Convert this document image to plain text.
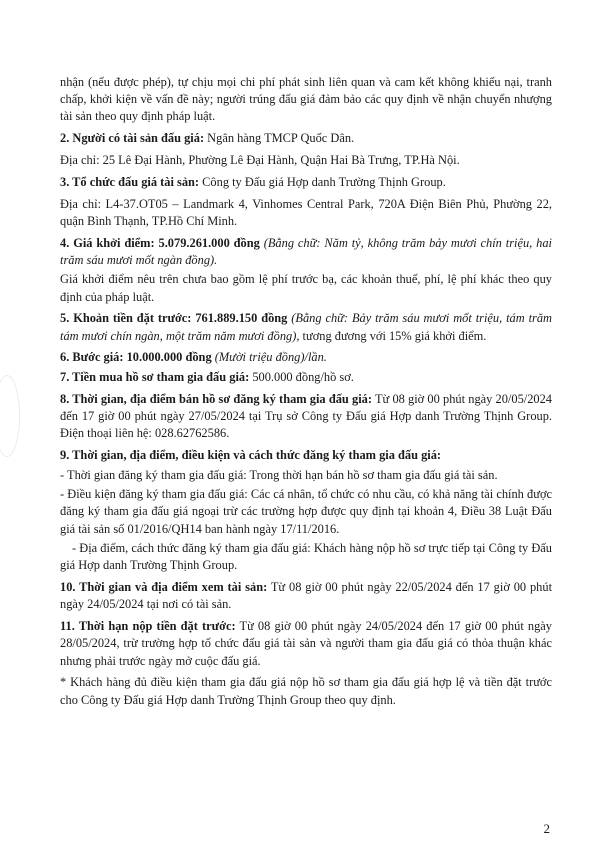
nhận (nếu được phép), tự chịu mọi chi phí phát sinh liên quan và cam kết không khiếu nại, tranh chấp, khởi kiện về vấn đề này; người trúng đấu giá đảm bảo các quy định về nhận chuyển nhượng tài sản theo quy định pháp luật.

2. Người có tài sản đấu giá: Ngân hàng TMCP Quốc Dân.

Địa chỉ: 25 Lê Đại Hành, Phường Lê Đại Hành, Quận Hai Bà Trưng, TP.Hà Nội.

3. Tổ chức đấu giá tài sản: Công ty Đấu giá Hợp danh Trường Thịnh Group.

Địa chỉ: L4-37.OT05 – Landmark 4, Vinhomes Central Park, 720A Điện Biên Phủ, Phường 22, quận Bình Thạnh, TP.Hồ Chí Minh.

4. Giá khởi điểm: 5.079.261.000 đồng (Bằng chữ: Năm tỷ, không trăm bảy mươi chín triệu, hai trăm sáu mươi mốt ngàn đồng).

Giá khởi điểm nêu trên chưa bao gồm lệ phí trước bạ, các khoản thuế, phí, lệ phí khác theo quy định của pháp luật.

5. Khoản tiền đặt trước: 761.889.150 đồng (Bằng chữ: Bảy trăm sáu mươi mốt triệu, tám trăm tám mươi chín ngàn, một trăm năm mươi đồng), tương đương với 15% giá khởi điểm.

6. Bước giá: 10.000.000 đồng (Mười triệu đồng)/lần.

7. Tiền mua hồ sơ tham gia đấu giá: 500.000 đồng/hồ sơ.

8. Thời gian, địa điểm bán hồ sơ đăng ký tham gia đấu giá: Từ 08 giờ 00 phút ngày 20/05/2024 đến 17 giờ 00 phút ngày 27/05/2024 tại Trụ sở Công ty Đấu giá Hợp danh Trường Thịnh Group. Điện thoại liên hệ: 028.62762586.

9. Thời gian, địa điểm, điều kiện và cách thức đăng ký tham gia đấu giá:

- Thời gian đăng ký tham gia đấu giá: Trong thời hạn bán hồ sơ tham gia đấu giá tài sản.

- Điều kiện đăng ký tham gia đấu giá: Các cá nhân, tổ chức có nhu cầu, có khả năng tài chính được đăng ký tham gia đấu giá ngoại trừ các trường hợp được quy định tại khoản 4, Điều 38 Luật Đấu giá tài sản số 01/2016/QH14 ban hành ngày 17/11/2016.

- Địa điểm, cách thức đăng ký tham gia đấu giá: Khách hàng nộp hồ sơ trực tiếp tại Công ty Đấu giá Hợp danh Trường Thịnh Group.

10. Thời gian và địa điểm xem tài sản: Từ 08 giờ 00 phút ngày 22/05/2024 đến 17 giờ 00 phút ngày 24/05/2024 tại nơi có tài sản.

11. Thời hạn nộp tiền đặt trước: Từ 08 giờ 00 phút ngày 24/05/2024 đến 17 giờ 00 phút ngày 28/05/2024, trừ trường hợp tổ chức đấu giá tài sản và người tham gia đấu giá có thỏa thuận khác nhưng phải trước ngày mở cuộc đấu giá.

* Khách hàng đủ điều kiện tham gia đấu giá nộp hồ sơ tham gia đấu giá hợp lệ và tiền đặt trước cho Công ty Đấu giá Hợp danh Trường Thịnh Group theo quy định.

2
